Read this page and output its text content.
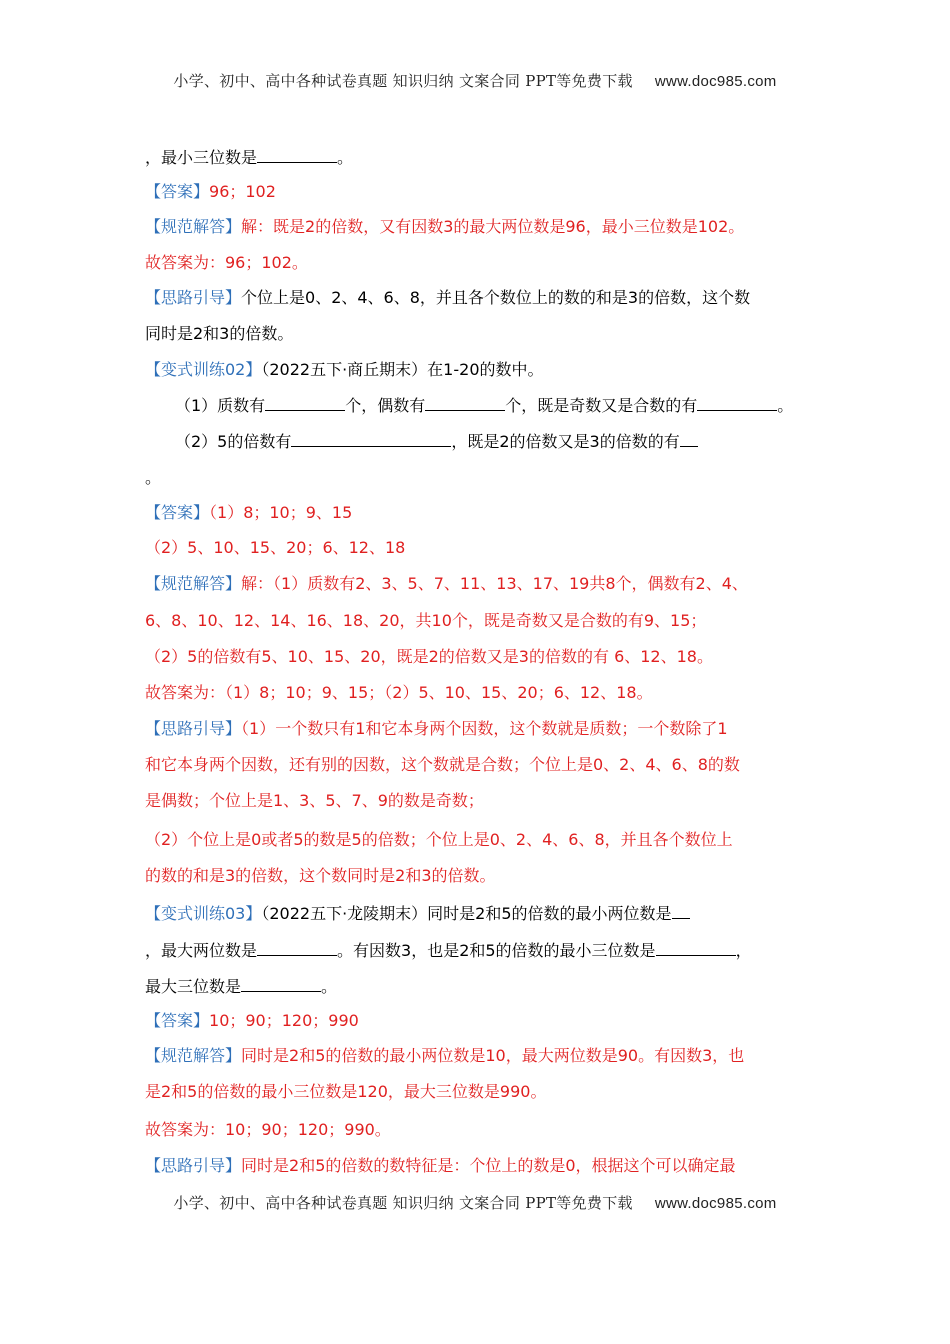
小学、初中、高中各种试卷真题 知识归纳 文案合同 PPT等免费下载 www.doc985.com
，最小三位数是	。
【答案】96；102
【规范解答】解：既是2的倍数，又有因数3的最大两位数是96，最小三位数是102。
故答案为：96；102。
【思路引导】个位上是0、2、4、6、8，并且各个数位上的数的和是3的倍数，这个数
同时是2和3的倍数。
【变式训练02】（2022五下·商丘期末）在1-20的数中。
（1）质数有	个，偶数有	个，既是奇数又是合数的有	。
（2）5的倍数有	，既是2的倍数又是3的倍数的有
。
【答案】（1）8；10；9、15
（2）5、10、15、20；6、12、18
【规范解答】解：（1）质数有2、3、5、7、11、13、17、19共8个，偶数有2、4、
6、8、10、12、14、16、18、20，共10个，既是奇数又是合数的有9、15；
（2）5的倍数有5、10、15、20，既是2的倍数又是3的倍数的有 6、12、18。
故答案为：（1）8；10；9、15；（2）5、10、15、20；6、12、18。
【思路引导】（1）一个数只有1和它本身两个因数，这个数就是质数；一个数除了1
和它本身两个因数，还有别的因数，这个数就是合数；个位上是0、2、4、6、8的数
是偶数；个位上是1、3、5、7、9的数是奇数；
（2）个位上是0或者5的数是5的倍数；个位上是0、2、4、6、8，并且各个数位上
的数的和是3的倍数，这个数同时是2和3的倍数。
【变式训练03】（2022五下·龙陵期末）同时是2和5的倍数的最小两位数是
，最大两位数是	。有因数3，也是2和5的倍数的最小三位数是	，
最大三位数是	。
【答案】10；90；120；990
【规范解答】同时是2和5的倍数的最小两位数是10，最大两位数是90。有因数3，也
是2和5的倍数的最小三位数是120，最大三位数是990。
故答案为：10；90；120；990。
【思路引导】同时是2和5的倍数的数特征是：个位上的数是0，根据这个可以确定最
小学、初中、高中各种试卷真题 知识归纳 文案合同 PPT等免费下载 www.doc985.com
